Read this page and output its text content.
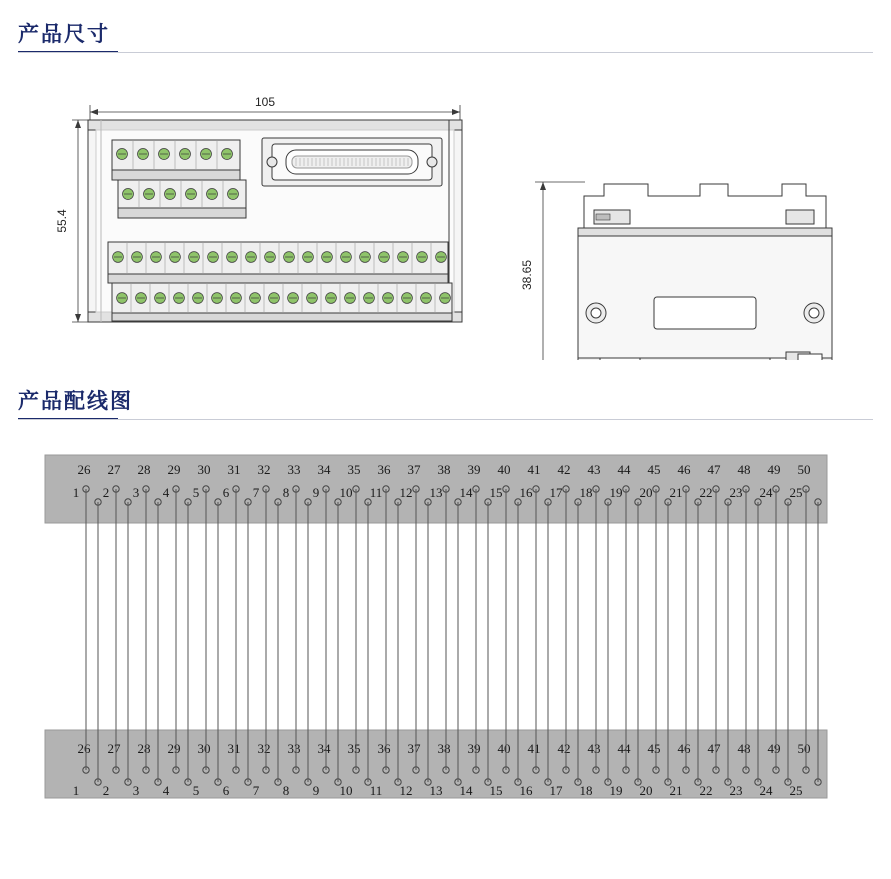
产品尺寸
105
55.4
38.65
产品配线图
26
1
26
1
27
2
27
2
28
3
28
3
29
4
29
4
30
5
30
5
31
6
31
6
32
7
32
7
33
8
33
8
34
9
34
9
35
10
35
10
36
11
36
11
37
12
37
12
38
13
38
13
39
14
39
14
40
15
40
15
41
16
41
16
42
17
42
17
43
18
43
18
44
19
44
19
45
20
45
20
46
21
46
21
47
22
47
22
48
23
48
23
49
24
49
24
50
25
50
25
